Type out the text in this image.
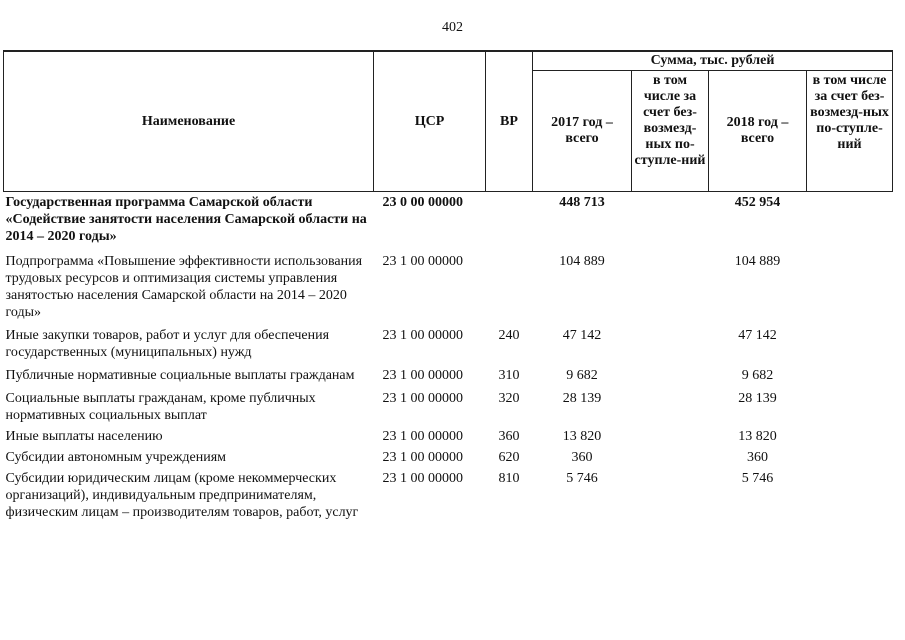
402
Наименование	ЦСР	ВР	Сумма, тыс. рублей			
			2017 год – всего	в том числе за счет без-возмезд-ных по-ступле-ний	2018 год – всего	в том числе за счет без-возмезд-ных по-ступле-ний
Государственная программа Самарской области «Содействие занятости населения Самарской области на 2014 – 2020 годы»	23 0 00 00000		448 713		452 954	
Подпрограмма «Повышение эффективности использования трудовых ресурсов и оптимизация системы управления занятостью населения Самарской области на 2014 – 2020 годы»	23 1 00 00000		104 889		104 889	
Иные закупки товаров, работ и услуг для обеспечения государственных (муниципальных) нужд	23 1 00 00000	240	47 142		47 142	
Публичные нормативные социальные выплаты гражданам	23 1 00 00000	310	9 682		9 682	
Социальные выплаты гражданам, кроме публичных нормативных социальных выплат	23 1 00 00000	320	28 139		28 139	
Иные выплаты населению	23 1 00 00000	360	13 820		13 820	
Субсидии автономным учреждениям	23 1 00 00000	620	360		360	
Субсидии юридическим лицам (кроме некоммерческих организаций), индивидуальным предпринимателям, физическим лицам – производителям товаров, работ, услуг	23 1 00 00000	810	5 746		5 746	
